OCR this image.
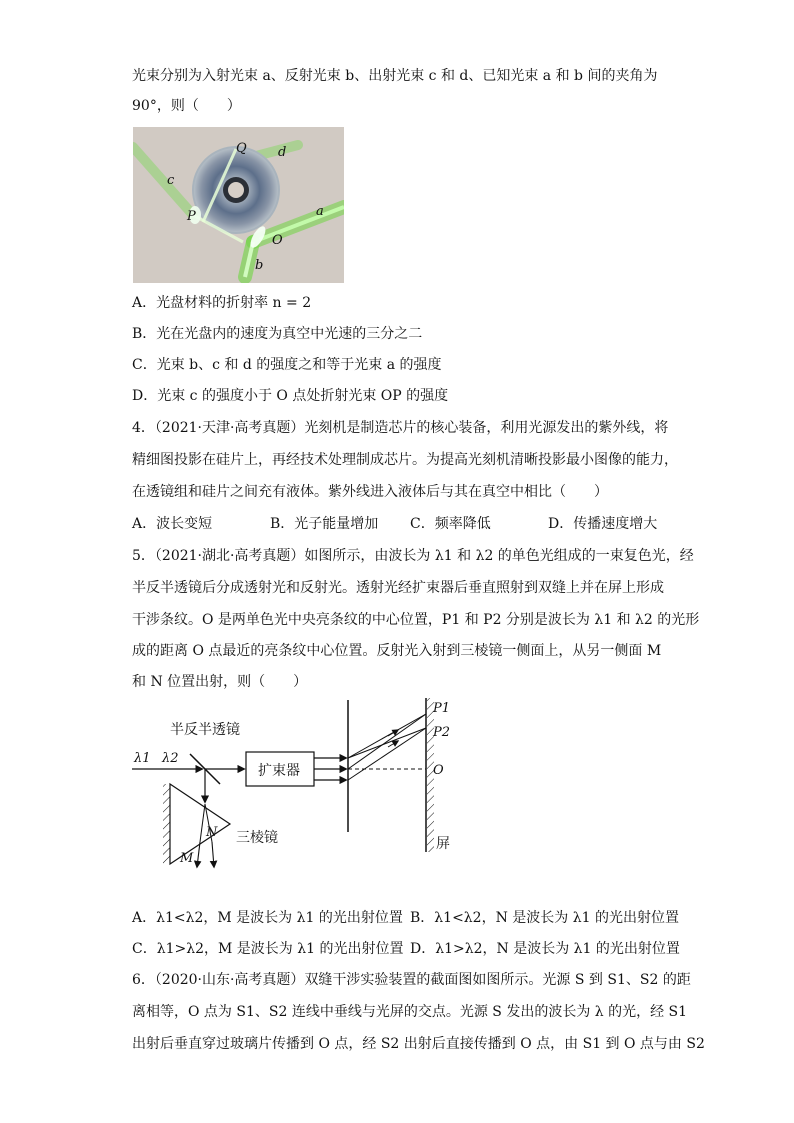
光束分别为入射光束 a、反射光束 b、出射光束 c 和 d、已知光束 a 和 b 间的夹角为
90°，则（　　）
Q d
c
a
P
O
b
A．光盘材料的折射率 n = 2
B．光在光盘内的速度为真空中光速的三分之二
C．光束 b、c 和 d 的强度之和等于光束 a 的强度
D．光束 c 的强度小于 O 点处折射光束 OP 的强度
4．（2021·天津·高考真题）光刻机是制造芯片的核心装备，利用光源发出的紫外线，将
精细图投影在硅片上，再经技术处理制成芯片。为提高光刻机清晰投影最小图像的能力，
在透镜组和硅片之间充有液体。紫外线进入液体后与其在真空中相比（　　）
A．波长变短	B．光子能量增加 C．频率降低	D．传播速度增大
5．（2021·湖北·高考真题）如图所示，由波长为 λ1 和 λ2 的单色光组成的一束复色光，经
半反半透镜后分成透射光和反射光。透射光经扩束器后垂直照射到双缝上并在屏上形成
干涉条纹。O 是两单色光中央亮条纹的中心位置，P1 和 P2 分别是波长为 λ1 和 λ2 的光形
成的距离 O 点最近的亮条纹中心位置。反射光入射到三棱镜一侧面上，从另一侧面 M
和 N 位置出射，则（　　）
半反半透镜
λ1 λ2
扩束器
P1
P2
O
屏
三棱镜
M
N
A．λ1<λ2，M 是波长为 λ1 的光出射位置 B．λ1<λ2，N 是波长为 λ1 的光出射位置
C．λ1>λ2，M 是波长为 λ1 的光出射位置 D．λ1>λ2，N 是波长为 λ1 的光出射位置
6．（2020·山东·高考真题）双缝干涉实验装置的截面图如图所示。光源 S 到 S1、S2 的距
离相等，O 点为 S1、S2 连线中垂线与光屏的交点。光源 S 发出的波长为 λ 的光，经 S1
出射后垂直穿过玻璃片传播到 O 点，经 S2 出射后直接传播到 O 点，由 S1 到 O 点与由 S2
